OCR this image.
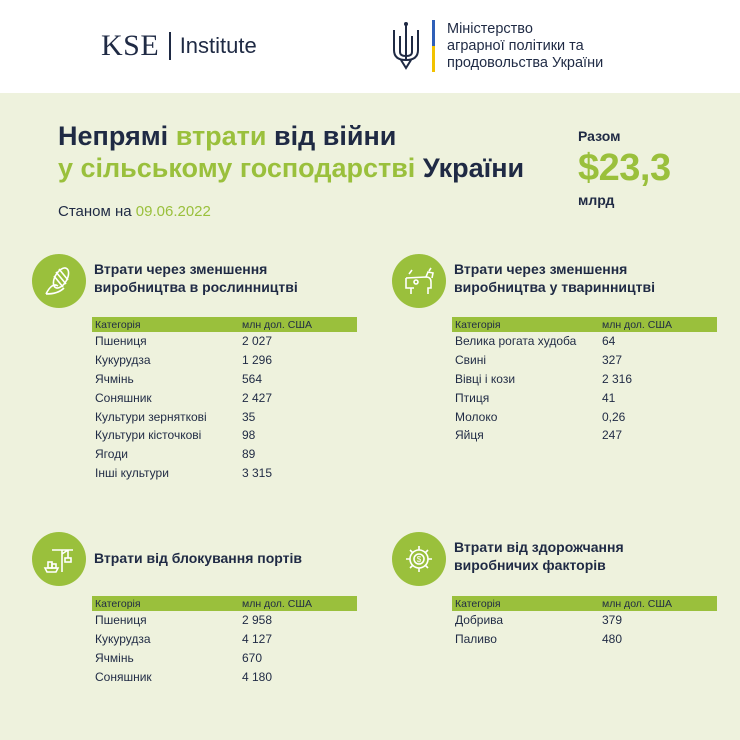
KSE Institute
Міністерство
аграрної політики та
продовольства України
Непрямі втрати від війни
у сільському господарстві України
Станом на 09.06.2022
Разом
$23,3
млрд
Втрати через зменшення
виробництва в рослинництві
Категорія	млн дол. США
Пшениця	2 027
Кукурудза	1 296
Ячмінь	564
Соняшник	2 427
Культури зерняткові	35
Культури кісточкові	98
Ягоди	89
Інші культури	3 315
Втрати через зменшення
виробництва у тваринництві
Категорія	млн дол. США
Велика рогата худоба	64
Свині	327
Вівці і кози	2 316
Птиця	41
Молоко	0,26
Яйця	247
Втрати від блокування портів
Категорія	млн дол. США
Пшениця	2 958
Кукурудза	4 127
Ячмінь	670
Соняшник	4 180
$
Втрати від здорожчання
виробничих факторів
Категорія	млн дол. США
Добрива	379
Паливо	480
